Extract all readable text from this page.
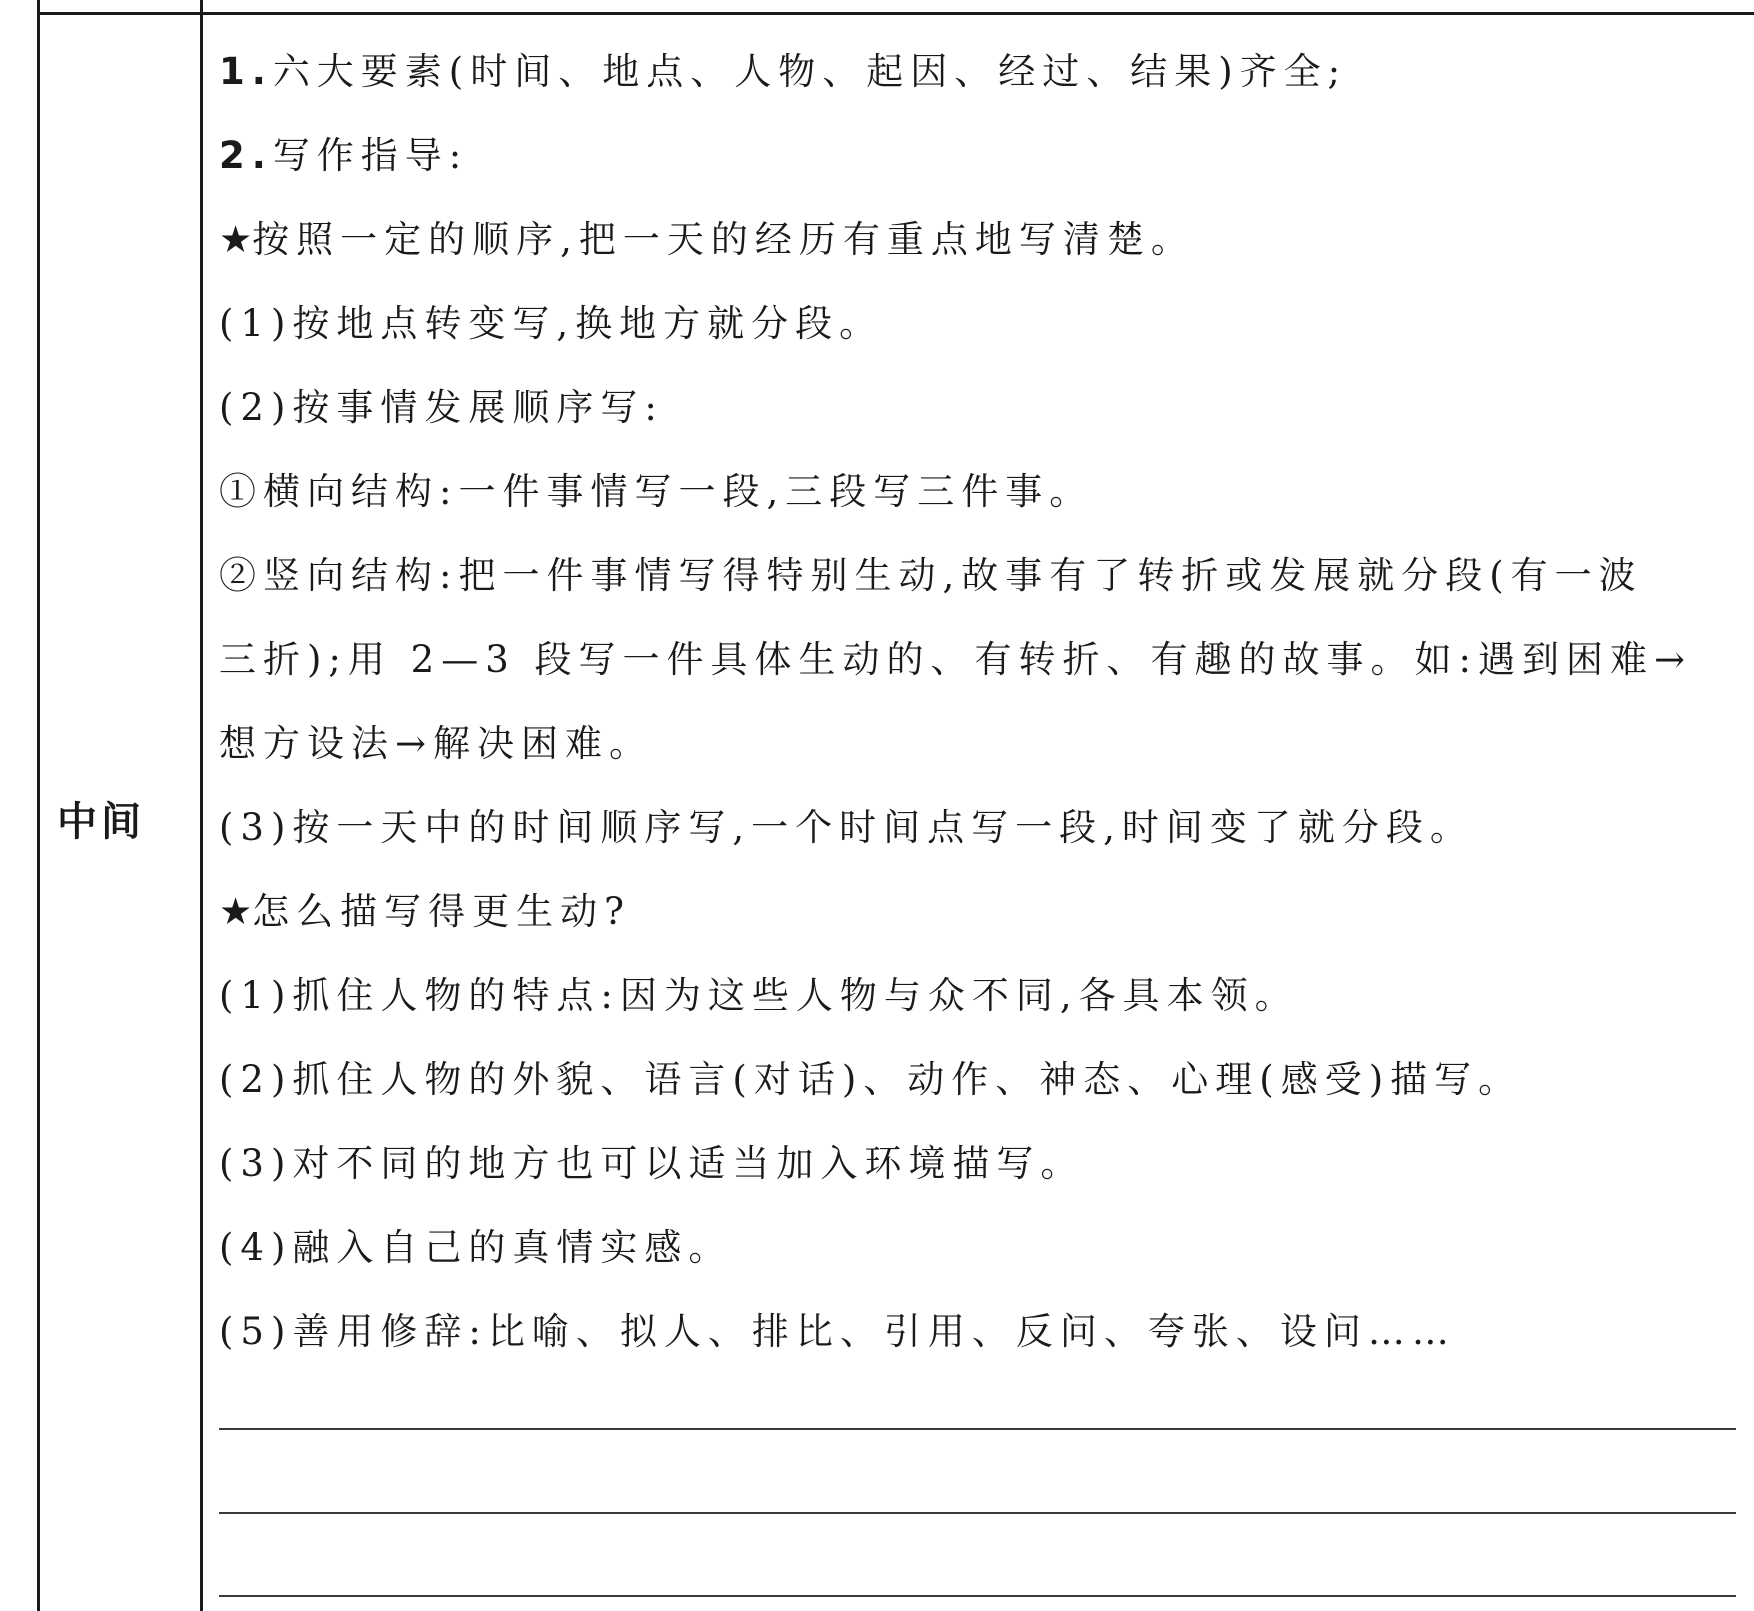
中间
1.六大要素(时间、地点、人物、起因、经过、结果)齐全;
2.写作指导:
★按照一定的顺序,把一天的经历有重点地写清楚。
(1)按地点转变写,换地方就分段。
(2)按事情发展顺序写:
①横向结构:一件事情写一段,三段写三件事。
②竖向结构:把一件事情写得特别生动,故事有了转折或发展就分段(有一波
三折);用 2—3 段写一件具体生动的、有转折、有趣的故事。如:遇到困难→
想方设法→解决困难。
(3)按一天中的时间顺序写,一个时间点写一段,时间变了就分段。
★怎么描写得更生动?
(1)抓住人物的特点:因为这些人物与众不同,各具本领。
(2)抓住人物的外貌、语言(对话)、动作、神态、心理(感受)描写。
(3)对不同的地方也可以适当加入环境描写。
(4)融入自己的真情实感。
(5)善用修辞:比喻、拟人、排比、引用、反问、夸张、设问……
